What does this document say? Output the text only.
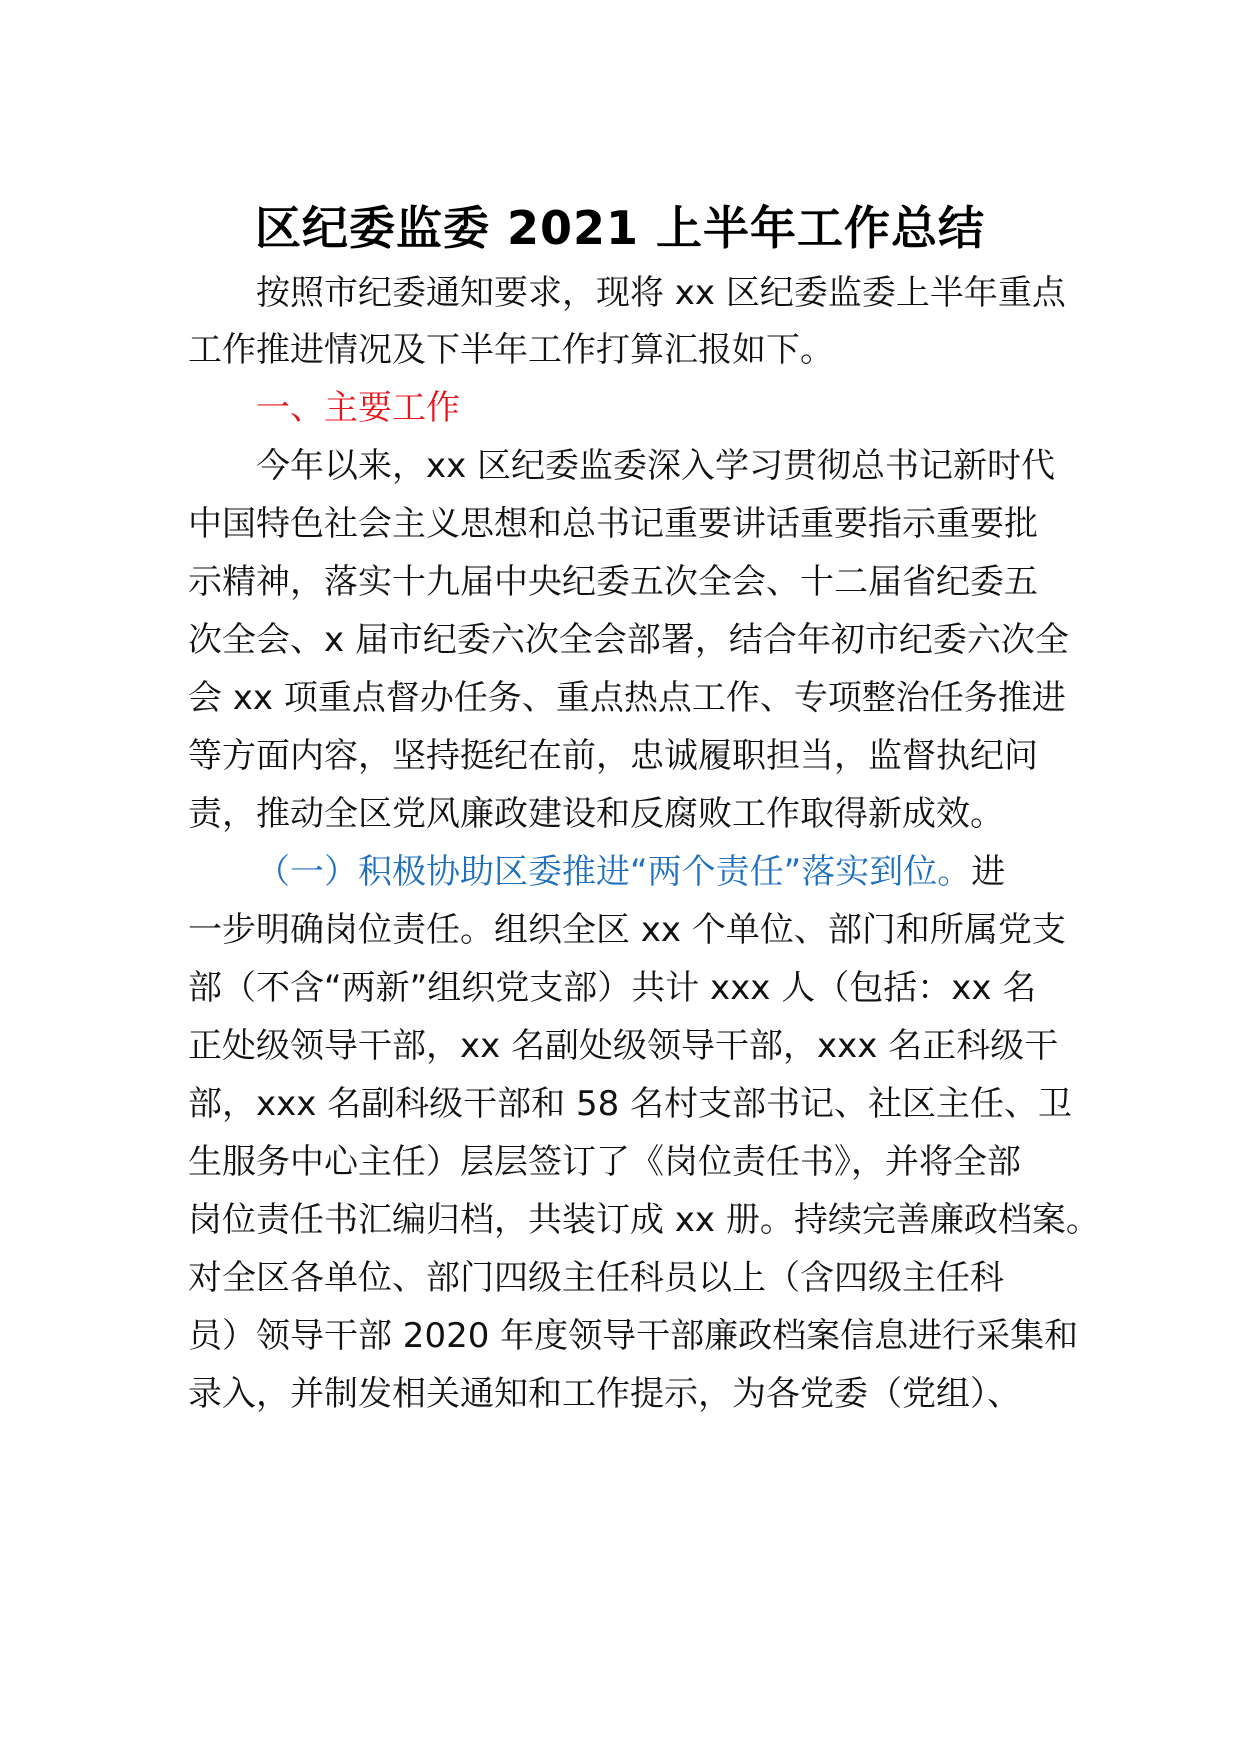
区纪委监委 2021 上半年工作总结
按照市纪委通知要求，现将 xx 区纪委监委上半年重点
工作推进情况及下半年工作打算汇报如下。
一、主要工作
今年以来，xx 区纪委监委深入学习贯彻总书记新时代
中国特色社会主义思想和总书记重要讲话重要指示重要批
示精神，落实十九届中央纪委五次全会、十二届省纪委五
次全会、x 届市纪委六次全会部署，结合年初市纪委六次全
会 xx 项重点督办任务、重点热点工作、专项整治任务推进
等方面内容，坚持挺纪在前，忠诚履职担当，监督执纪问
责，推动全区党风廉政建设和反腐败工作取得新成效。
（一）积极协助区委推进“两个责任”落实到位。进
一步明确岗位责任。组织全区 xx 个单位、部门和所属党支
部（不含“两新”组织党支部）共计 xxx 人（包括：xx 名
正处级领导干部，xx 名副处级领导干部，xxx 名正科级干
部，xxx 名副科级干部和 58 名村支部书记、社区主任、卫
生服务中心主任）层层签订了《岗位责任书》，并将全部
岗位责任书汇编归档，共装订成 xx 册。持续完善廉政档案。
对全区各单位、部门四级主任科员以上（含四级主任科
员）领导干部 2020 年度领导干部廉政档案信息进行采集和
录入，并制发相关通知和工作提示，为各党委（党组）、
